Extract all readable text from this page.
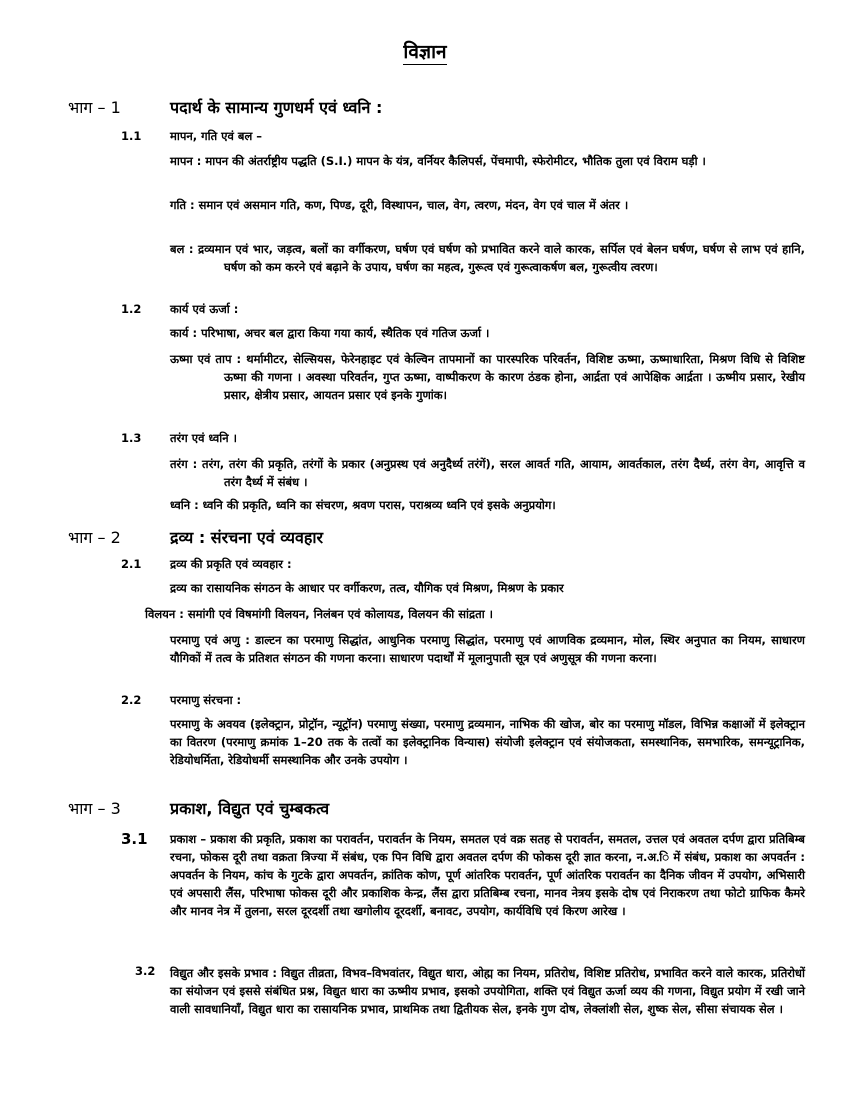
विज्ञान
भाग – 1	पदार्थ के सामान्य गुणधर्म एवं ध्वनि :
1.1 मापन, गति एवं बल –
मापन : मापन की अंतर्राष्ट्रीय पद्धति (S.I.) मापन के यंत्र, वर्नियर कैलिपर्स, पेंचमापी, स्फेरोमीटर, भौतिक तुला एवं विराम घड़ी ।
गति : समान एवं असमान गति, कण, पिण्ड, दूरी, विस्थापन, चाल, वेग, त्वरण, मंदन, वेग एवं चाल में अंतर ।
बल : द्रव्यमान एवं भार, जड़त्व, बलों का वर्गीकरण, घर्षण एवं घर्षण को प्रभावित करने वाले कारक, सर्पिल एवं बेलन घर्षण, घर्षण से लाभ एवं हानि, घर्षण को कम करने एवं बढ़ाने के उपाय, घर्षण का महत्व, गुरूत्व एवं गुरूत्वाकर्षण बल, गुरूत्वीय त्वरण।
1.2 कार्य एवं ऊर्जा :
कार्य : परिभाषा, अचर बल द्वारा किया गया कार्य, स्थैतिक एवं गतिज ऊर्जा ।
ऊष्मा एवं ताप : थर्मामीटर, सेल्सियस, फेरेनहाइट एवं केल्विन तापमानों का पारस्परिक परिवर्तन, विशिष्ट ऊष्मा, ऊष्माधारिता, मिश्रण विधि से विशिष्ट ऊष्मा की गणना । अवस्था परिवर्तन, गुप्त ऊष्मा, वाष्पीकरण के कारण ठंडक होना, आर्द्रता एवं आपेक्षिक आर्द्रता । ऊष्मीय प्रसार, रेखीय प्रसार, क्षेत्रीय प्रसार, आयतन प्रसार एवं इनके गुणांक।
1.3 तरंग एवं ध्वनि ।
तरंग : तरंग, तरंग की प्रकृति, तरंगों के प्रकार (अनुप्रस्थ एवं अनुदैर्ध्य तरंगें), सरल आवर्त गति, आयाम, आवर्तकाल, तरंग दैर्ध्य, तरंग वेग, आवृत्ति व तरंग दैर्ध्य में संबंध ।
ध्वनि : ध्वनि की प्रकृति, ध्वनि का संचरण, श्रवण परास, पराश्रव्य ध्वनि एवं इसके अनुप्रयोग।
भाग – 2	द्रव्य : संरचना एवं व्यवहार
2.1 द्रव्य की प्रकृति एवं व्यवहार :
द्रव्य का रासायनिक संगठन के आधार पर वर्गीकरण, तत्व, यौगिक एवं मिश्रण, मिश्रण के प्रकार
विलयन : समांगी एवं विषमांगी विलयन, निलंबन एवं कोलायड, विलयन की सांद्रता ।
परमाणु एवं अणु : डाल्टन का परमाणु सिद्धांत, आधुनिक परमाणु सिद्धांत, परमाणु एवं आणविक द्रव्यमान, मोल, स्थिर अनुपात का नियम, साधारण यौगिकों में तत्व के प्रतिशत संगठन की गणना करना। साधारण पदार्थों में मूलानुपाती सूत्र एवं अणुसूत्र की गणना करना।
2.2 परमाणु संरचना :
परमाणु के अवयव (इलेक्ट्रान, प्रोट्रॉन, न्यूट्रॉन) परमाणु संख्या, परमाणु द्रव्यमान, नाभिक की खोज, बोर का परमाणु मॉडल, विभिन्न कक्षाओं में इलेक्ट्रान का वितरण (परमाणु क्रमांक 1–20 तक के तत्वों का इलेक्ट्रानिक विन्यास) संयोजी इलेक्ट्रान एवं संयोजकता, समस्थानिक, समभारिक, समन्यूट्रानिक, रेडियोधर्मिता, रेडियोधर्मी समस्थानिक और उनके उपयोग ।
भाग – 3	प्रकाश, विद्युत एवं चुम्बकत्व
3.1 प्रकाश – प्रकाश की प्रकृति, प्रकाश का परावर्तन, परावर्तन के नियम, समतल एवं वक्र सतह से परावर्तन, समतल, उत्तल एवं अवतल दर्पण द्वारा प्रतिबिम्ब रचना, फोकस दूरी तथा वक्रता त्रिज्या में संबंध, एक पिन विधि द्वारा अवतल दर्पण की फोकस दूरी ज्ञात करना, न.अ.ि में संबंध, प्रकाश का अपवर्तन : अपवर्तन के नियम, कांच के गुटके द्वारा अपवर्तन, क्रांतिक कोण, पूर्ण आंतरिक परावर्तन, पूर्ण आंतरिक परावर्तन का दैनिक जीवन में उपयोग, अभिसारी एवं अपसारी लैंस, परिभाषा फोकस दूरी और प्रकाशिक केन्द्र, लैंस द्वारा प्रतिबिम्ब रचना, मानव नेत्रय इसके दोष एवं निराकरण तथा फोटो ग्राफिक कैमरे और मानव नेत्र में तुलना, सरल दूरदर्शी तथा खगोलीय दूरदर्शी, बनावट, उपयोग, कार्यविधि एवं किरण आरेख ।
3.2 विद्युत और इसके प्रभाव : विद्युत तीव्रता, विभव–विभवांतर, विद्युत धारा, ओह्म का नियम, प्रतिरोध, विशिष्ट प्रतिरोध, प्रभावित करने वाले कारक, प्रतिरोधों का संयोजन एवं इससे संबंधित प्रश्न, विद्युत धारा का ऊष्मीय प्रभाव, इसको उपयोगिता, शक्ति एवं विद्युत ऊर्जा व्यय की गणना, विद्युत प्रयोग में रखी जाने वाली सावधानियाँ, विद्युत धारा का रासायनिक प्रभाव, प्राथमिक तथा द्वितीयक सेल, इनके गुण दोष, लेक्लांशी सेल, शुष्क सेल, सीसा संचायक सेल ।
